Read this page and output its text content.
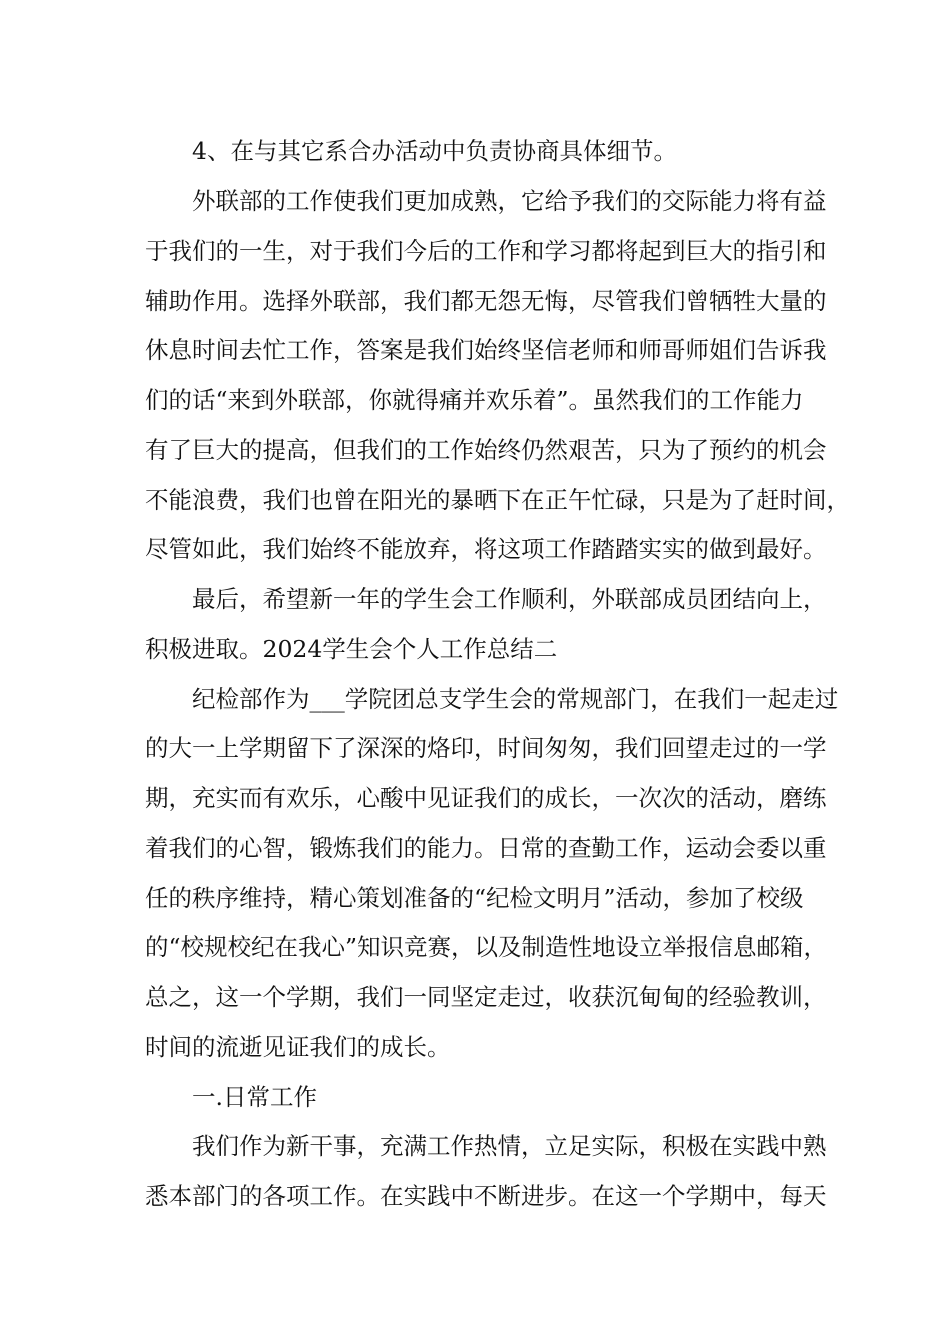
4、在与其它系合办活动中负责协商具体细节。
外联部的工作使我们更加成熟，它给予我们的交际能力将有益
于我们的一生，对于我们今后的工作和学习都将起到巨大的指引和
辅助作用。选择外联部，我们都无怨无悔，尽管我们曾牺牲大量的
休息时间去忙工作，答案是我们始终坚信老师和师哥师姐们告诉我
们的话“来到外联部，你就得痛并欢乐着”。虽然我们的工作能力
有了巨大的提高，但我们的工作始终仍然艰苦，只为了预约的机会
不能浪费，我们也曾在阳光的暴晒下在正午忙碌，只是为了赶时间，
尽管如此，我们始终不能放弃，将这项工作踏踏实实的做到最好。
最后，希望新一年的学生会工作顺利，外联部成员团结向上，
积极进取。2024学生会个人工作总结二
纪检部作为___学院团总支学生会的常规部门，在我们一起走过
的大一上学期留下了深深的烙印，时间匆匆，我们回望走过的一学
期，充实而有欢乐，心酸中见证我们的成长，一次次的活动，磨练
着我们的心智，锻炼我们的能力。日常的查勤工作，运动会委以重
任的秩序维持，精心策划准备的“纪检文明月”活动，参加了校级
的“校规校纪在我心”知识竞赛，以及制造性地设立举报信息邮箱，
总之，这一个学期，我们一同坚定走过，收获沉甸甸的经验教训，
时间的流逝见证我们的成长。
一.日常工作
我们作为新干事，充满工作热情，立足实际，积极在实践中熟
悉本部门的各项工作。在实践中不断进步。在这一个学期中，每天
